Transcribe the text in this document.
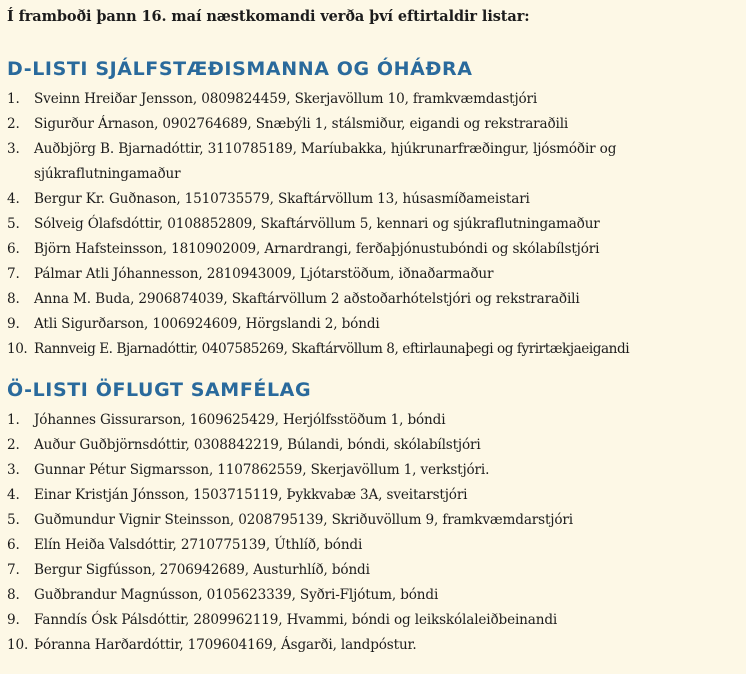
Í framboði þann 16. maí næstkomandi verða því eftirtaldir listar:
D-LISTI SJÁLFSTÆÐISMANNA OG ÓHÁÐRA
1. Sveinn Hreiðar Jensson, 0809824459, Skerjavöllum 10, framkvæmdastjóri
2. Sigurður Árnason, 0902764689, Snæbýli 1, stálsmiður, eigandi og rekstraraðili
3. Auðbjörg B. Bjarnadóttir, 3110785189, Maríubakka, hjúkrunarfræðingur, ljósmóðir og sjúkraflutningamaður
4. Bergur Kr. Guðnason, 1510735579, Skaftárvöllum 13, húsasmíðameistari
5. Sólveig Ólafsdóttir, 0108852809, Skaftárvöllum 5, kennari og sjúkraflutningamaður
6. Björn Hafsteinsson, 1810902009, Arnardrangi, ferðaþjónustubóndi og skólabílstjóri
7. Pálmar Atli Jóhannesson, 2810943009, Ljótarstöðum, iðnaðarmaður
8. Anna M. Buda, 2906874039, Skaftárvöllum 2 aðstoðarhótelstjóri og rekstraraðili
9. Atli Sigurðarson, 1006924609, Hörgslandi 2, bóndi
10. Rannveig E. Bjarnadóttir, 0407585269, Skaftárvöllum 8, eftirlaunaþegi og fyrirtækjaeigandi
Ö-LISTI ÖFLUGT SAMFÉLAG
1. Jóhannes Gissurarson, 1609625429, Herjólfsstöðum 1, bóndi
2. Auður Guðbjörnsdóttir, 0308842219, Búlandi, bóndi, skólabílstjóri
3. Gunnar Pétur Sigmarsson, 1107862559, Skerjavöllum 1, verkstjóri.
4. Einar Kristján Jónsson, 1503715119, Þykkvabæ 3A, sveitarstjóri
5. Guðmundur Vignir Steinsson, 0208795139, Skriðuvöllum 9, framkvæmdarstjóri
6. Elín Heiða Valsdóttir, 2710775139, Úthlíð, bóndi
7. Bergur Sigfússon, 2706942689, Austurhlíð, bóndi
8. Guðbrandur Magnússon, 0105623339, Syðri-Fljótum, bóndi
9. Fanndís Ósk Pálsdóttir, 2809962119, Hvammi, bóndi og leikskólaleiðbeinandi
10. Þóranna Harðardóttir, 1709604169, Ásgarði, landpóstur.
